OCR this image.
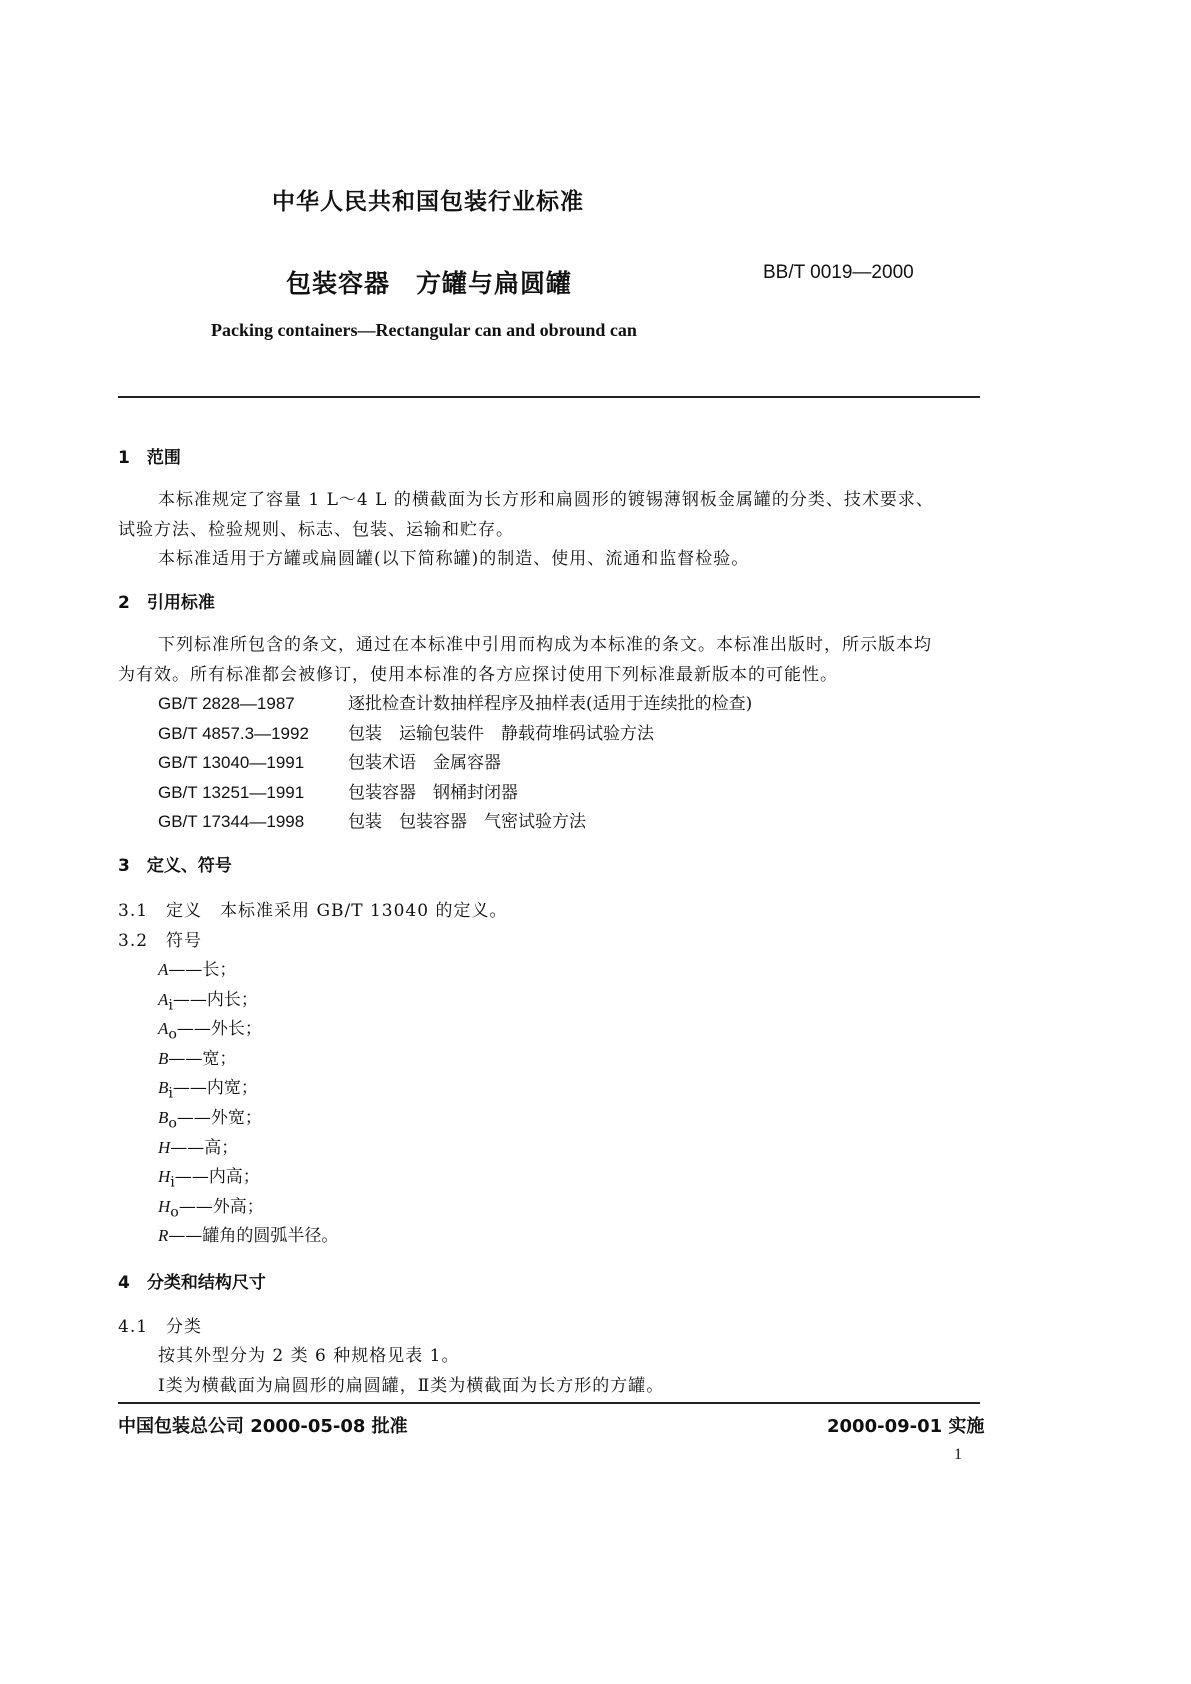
中华人民共和国包装行业标准
包装容器　方罐与扁圆罐	BB/T 0019—2000
Packing containers—Rectangular can and obround can
1　范围
本标准规定了容量 1 L～4 L 的横截面为长方形和扁圆形的镀锡薄钢板金属罐的分类、技术要求、
试验方法、检验规则、标志、包装、运输和贮存。
本标准适用于方罐或扁圆罐(以下简称罐)的制造、使用、流通和监督检验。
2　引用标准
下列标准所包含的条文，通过在本标准中引用而构成为本标准的条文。本标准出版时，所示版本均
为有效。所有标准都会被修订，使用本标准的各方应探讨使用下列标准最新版本的可能性。
GB/T 2828—1987	逐批检查计数抽样程序及抽样表(适用于连续批的检查)
GB/T 4857.3—1992 包装　运输包装件　静载荷堆码试验方法
GB/T 13040—1991	包装术语　金属容器
GB/T 13251—1991	包装容器　钢桶封闭器
GB/T 17344—1998	包装　包装容器　气密试验方法
3　定义、符号
3.1　定义　本标准采用 GB/T 13040 的定义。
3.2　符号
A——长；
$A_i——$内长；
$A_o——$外长；
B——宽；
$B_i——$内宽；
$B_o——$外宽；
H——高；
$H_i——$内高；
$H_o——$外高；
R——罐角的圆弧半径。
4　分类和结构尺寸
4.1　分类
按其外型分为 2 类 6 种规格见表 1。
Ⅰ类为横截面为扁圆形的扁圆罐，Ⅱ类为横截面为长方形的方罐。
中国包装总公司 2000-05-08 批准	2000-09-01 实施
1
